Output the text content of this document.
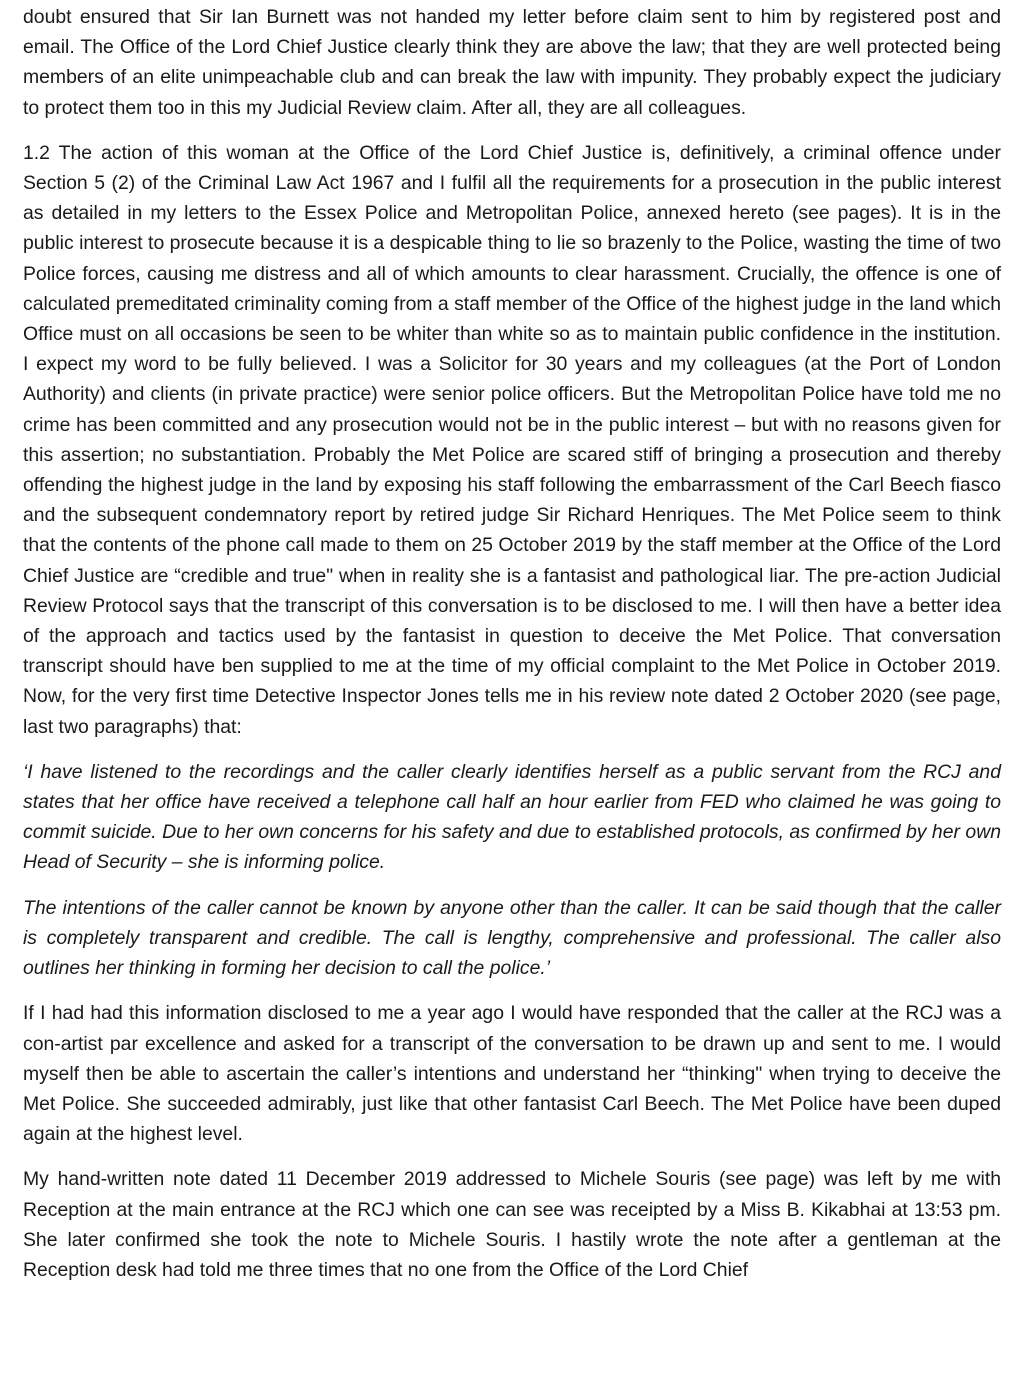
doubt ensured that Sir Ian Burnett was not handed my letter before claim sent to him by registered post and email. The Office of the Lord Chief Justice clearly think they are above the law; that they are well protected being members of an elite unimpeachable club and can break the law with impunity. They probably expect the judiciary to protect them too in this my Judicial Review claim. After all, they are all colleagues.

1.2 The action of this woman at the Office of the Lord Chief Justice is, definitively, a criminal offence under Section 5 (2) of the Criminal Law Act 1967 and I fulfil all the requirements for a prosecution in the public interest as detailed in my letters to the Essex Police and Metropolitan Police, annexed hereto (see pages). It is in the public interest to prosecute because it is a despicable thing to lie so brazenly to the Police, wasting the time of two Police forces, causing me distress and all of which amounts to clear harassment. Crucially, the offence is one of calculated premeditated criminality coming from a staff member of the Office of the highest judge in the land which Office must on all occasions be seen to be whiter than white so as to maintain public confidence in the institution. I expect my word to be fully believed. I was a Solicitor for 30 years and my colleagues (at the Port of London Authority) and clients (in private practice) were senior police officers. But the Metropolitan Police have told me no crime has been committed and any prosecution would not be in the public interest – but with no reasons given for this assertion; no substantiation. Probably the Met Police are scared stiff of bringing a prosecution and thereby offending the highest judge in the land by exposing his staff following the embarrassment of the Carl Beech fiasco and the subsequent condemnatory report by retired judge Sir Richard Henriques. The Met Police seem to think that the contents of the phone call made to them on 25 October 2019 by the staff member at the Office of the Lord Chief Justice are “credible and true" when in reality she is a fantasist and pathological liar. The pre-action Judicial Review Protocol says that the transcript of this conversation is to be disclosed to me. I will then have a better idea of the approach and tactics used by the fantasist in question to deceive the Met Police. That conversation transcript should have ben supplied to me at the time of my official complaint to the Met Police in October 2019. Now, for the very first time Detective Inspector Jones tells me in his review note dated 2 October 2020 (see page, last two paragraphs) that:

‘I have listened to the recordings and the caller clearly identifies herself as a public servant from the RCJ and states that her office have received a telephone call half an hour earlier from FED who claimed he was going to commit suicide. Due to her own concerns for his safety and due to established protocols, as confirmed by her own Head of Security – she is informing police.

The intentions of the caller cannot be known by anyone other than the caller. It can be said though that the caller is completely transparent and credible. The call is lengthy, comprehensive and professional. The caller also outlines her thinking in forming her decision to call the police.’

If I had had this information disclosed to me a year ago I would have responded that the caller at the RCJ was a con-artist par excellence and asked for a transcript of the conversation to be drawn up and sent to me. I would myself then be able to ascertain the caller’s intentions and understand her “thinking" when trying to deceive the Met Police. She succeeded admirably, just like that other fantasist Carl Beech. The Met Police have been duped again at the highest level.

My hand-written note dated 11 December 2019 addressed to Michele Souris (see page) was left by me with Reception at the main entrance at the RCJ which one can see was receipted by a Miss B. Kikabhai at 13:53 pm. She later confirmed she took the note to Michele Souris. I hastily wrote the note after a gentleman at the Reception desk had told me three times that no one from the Office of the Lord Chief
